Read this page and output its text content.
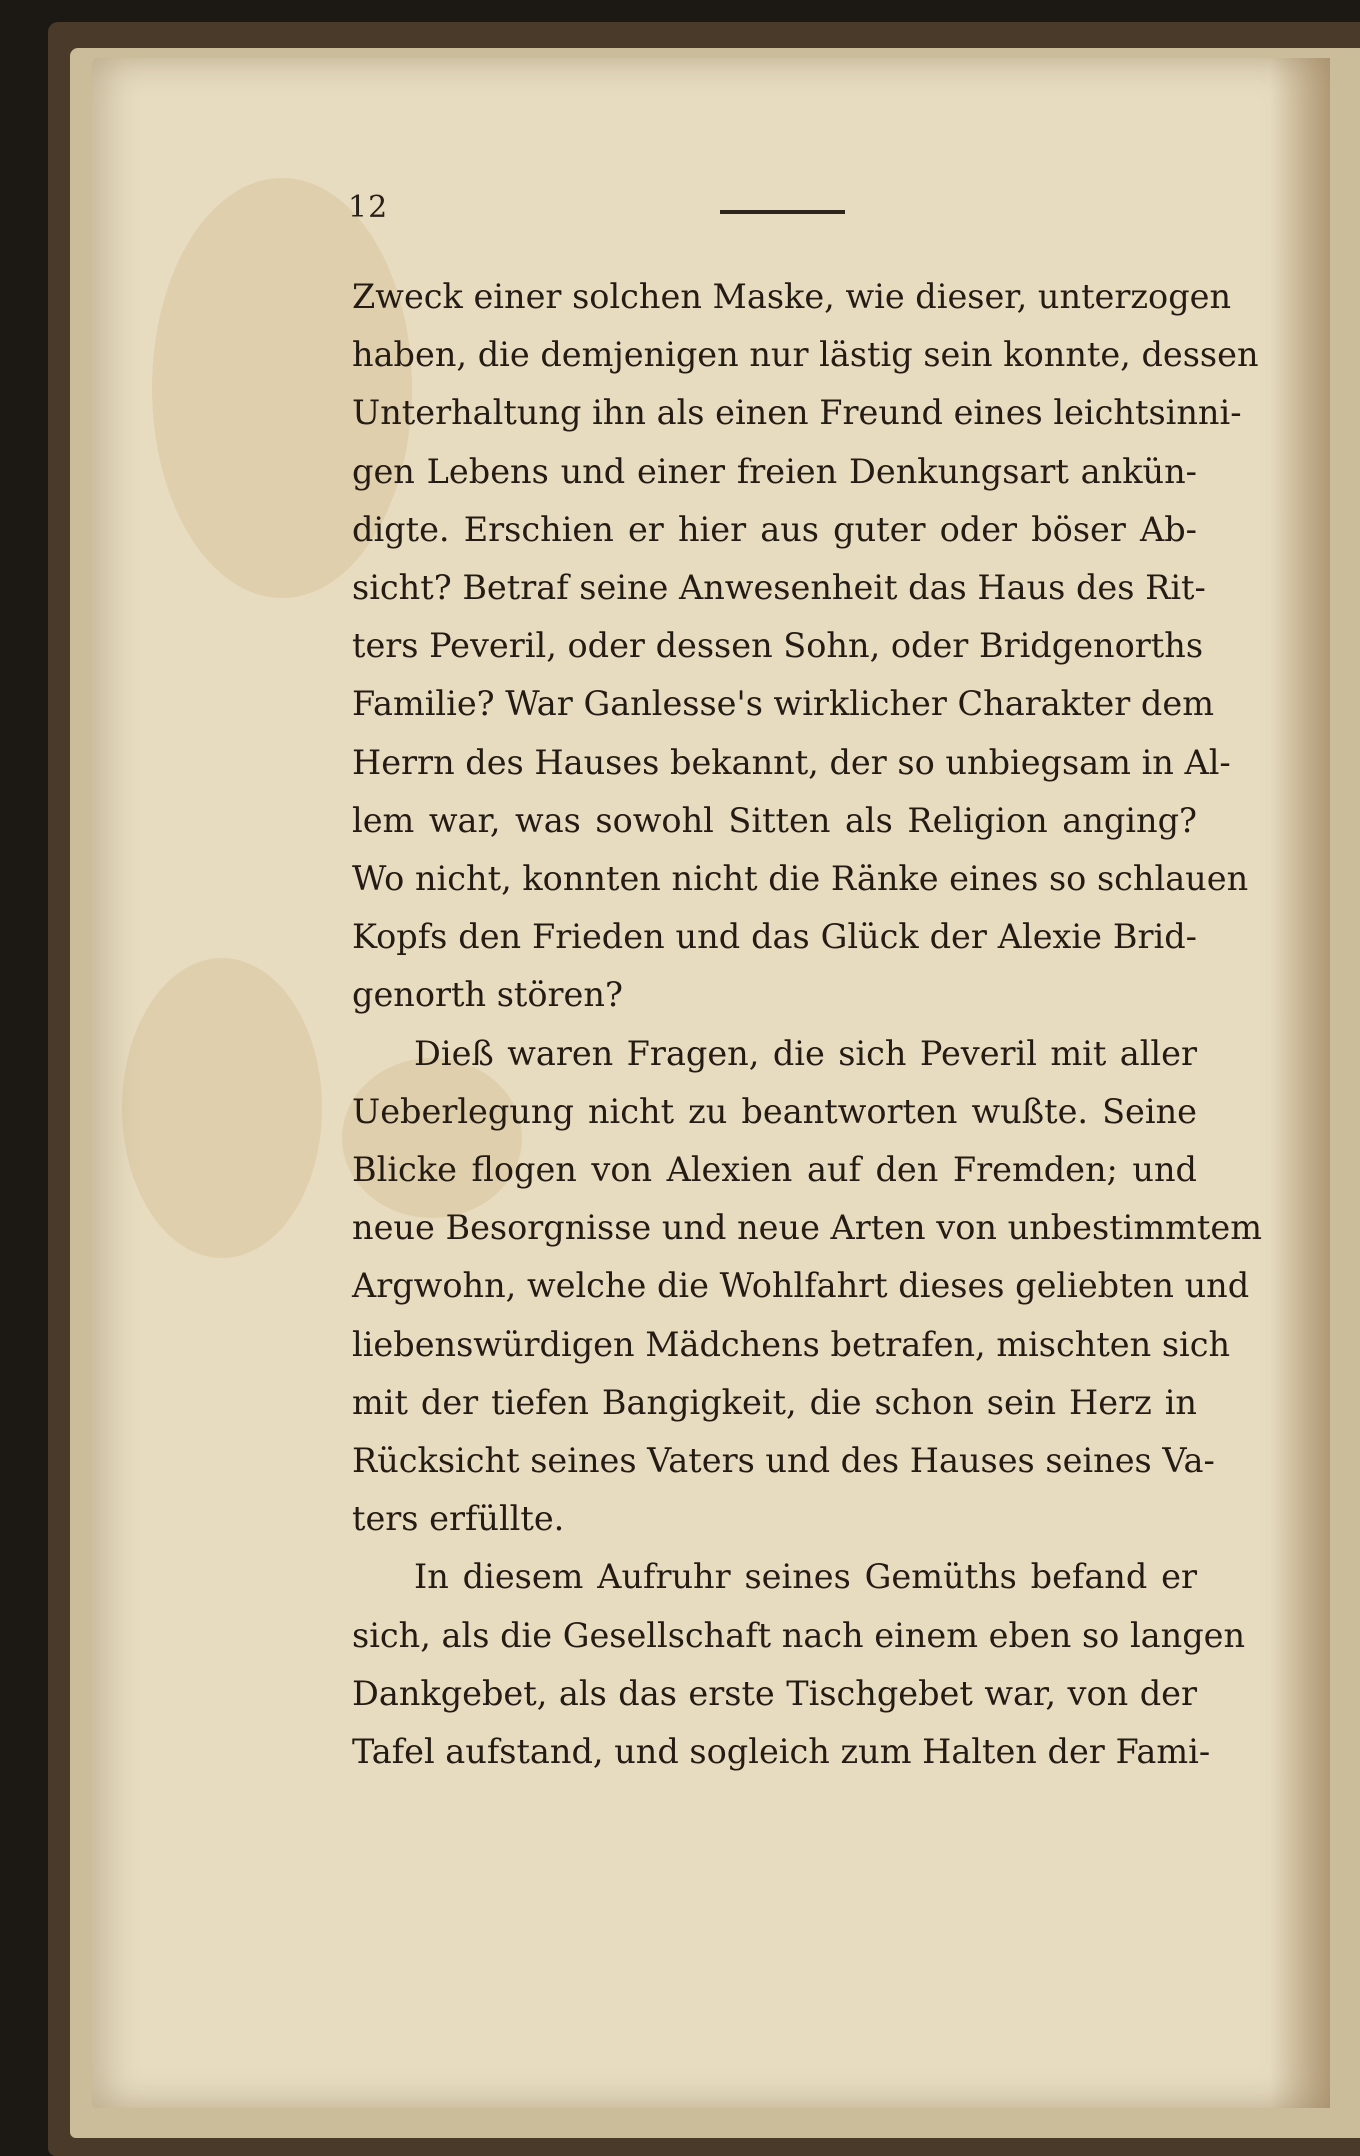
12
Zweck einer solchen Maske, wie dieser, unterzogen
haben, die demjenigen nur lästig sein konnte, dessen
Unterhaltung ihn als einen Freund eines leichtsinni-
gen Lebens und einer freien Denkungsart ankün-
digte. Erschien er hier aus guter oder böser Ab-
sicht? Betraf seine Anwesenheit das Haus des Rit-
ters Peveril, oder dessen Sohn, oder Bridgenorths
Familie? War Ganlesse's wirklicher Charakter dem
Herrn des Hauses bekannt, der so unbiegsam in Al-
lem war, was sowohl Sitten als Religion anging?
Wo nicht, konnten nicht die Ränke eines so schlauen
Kopfs den Frieden und das Glück der Alexie Brid-
genorth stören?
Dieß waren Fragen, die sich Peveril mit aller
Ueberlegung nicht zu beantworten wußte. Seine
Blicke flogen von Alexien auf den Fremden; und
neue Besorgnisse und neue Arten von unbestimmtem
Argwohn, welche die Wohlfahrt dieses geliebten und
liebenswürdigen Mädchens betrafen, mischten sich
mit der tiefen Bangigkeit, die schon sein Herz in
Rücksicht seines Vaters und des Hauses seines Va-
ters erfüllte.
In diesem Aufruhr seines Gemüths befand er
sich, als die Gesellschaft nach einem eben so langen
Dankgebet, als das erste Tischgebet war, von der
Tafel aufstand, und sogleich zum Halten der Fami-
